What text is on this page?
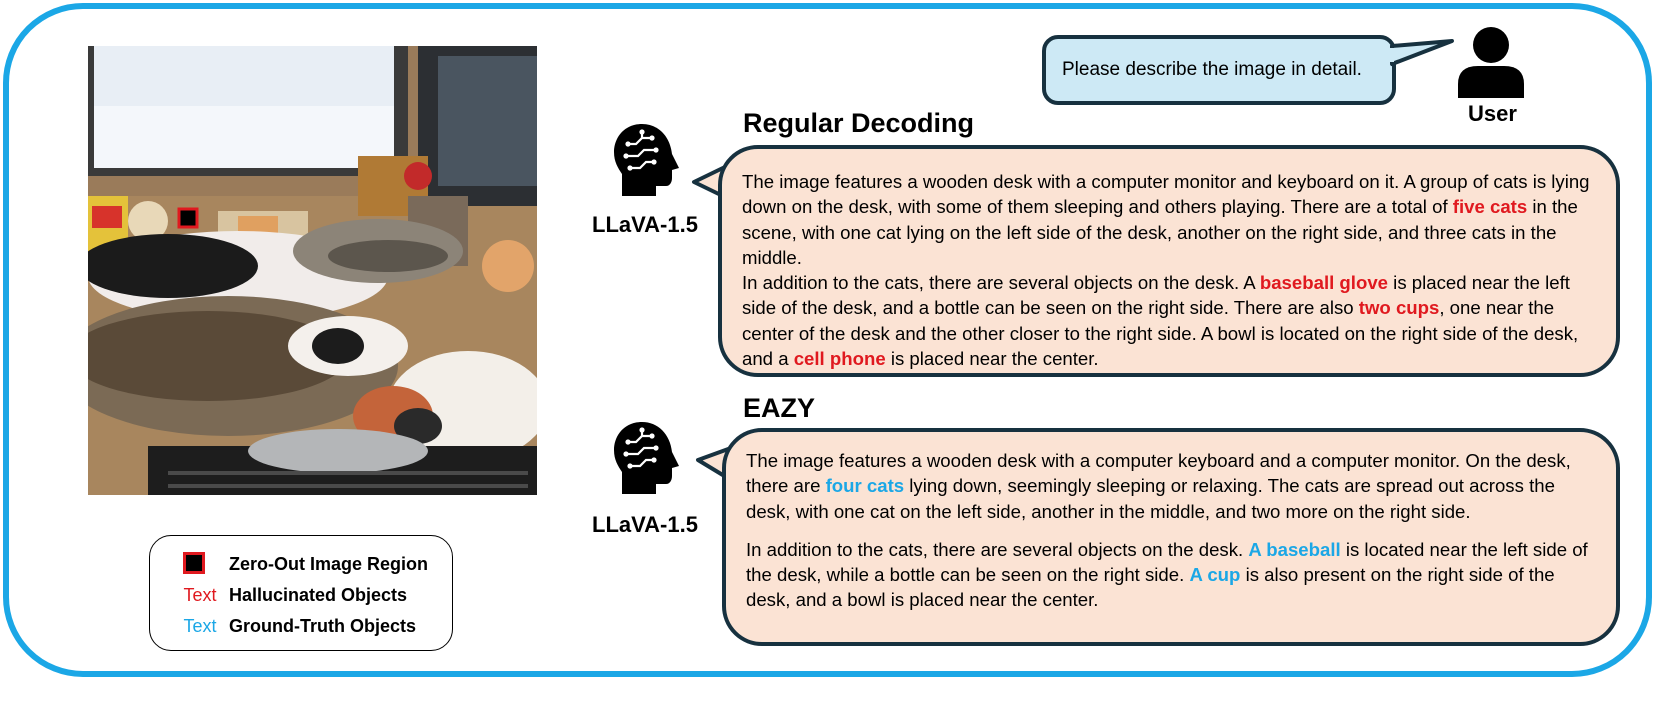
Zero-Out Image Region
Text Hallucinated Objects
Text Ground-Truth Objects
Please describe the image in detail.
User
Regular Decoding
LLaVA-1.5

The image features a wooden desk with a computer monitor and keyboard on it. A group of cats is lying down on the desk, with some of them sleeping and others playing. There are a total of five cats in the scene, with one cat lying on the left side of the desk, another on the right side, and three cats in the middle.

In addition to the cats, there are several objects on the desk. A baseball glove is placed near the left side of the desk, and a bottle can be seen on the right side. There are also two cups, one near the center of the desk and the other closer to the right side. A bowl is located on the right side of the desk, and a cell phone is placed near the center.

EAZY
LLaVA-1.5

The image features a wooden desk with a computer keyboard and a computer monitor. On the desk, there are four cats lying down, seemingly sleeping or relaxing. The cats are spread out across the desk, with one cat on the left side, another in the middle, and two more on the right side.

In addition to the cats, there are several objects on the desk. A baseball is located near the left side of the desk, while a bottle can be seen on the right side. A cup is also present on the right side of the desk, and a bowl is placed near the center.
